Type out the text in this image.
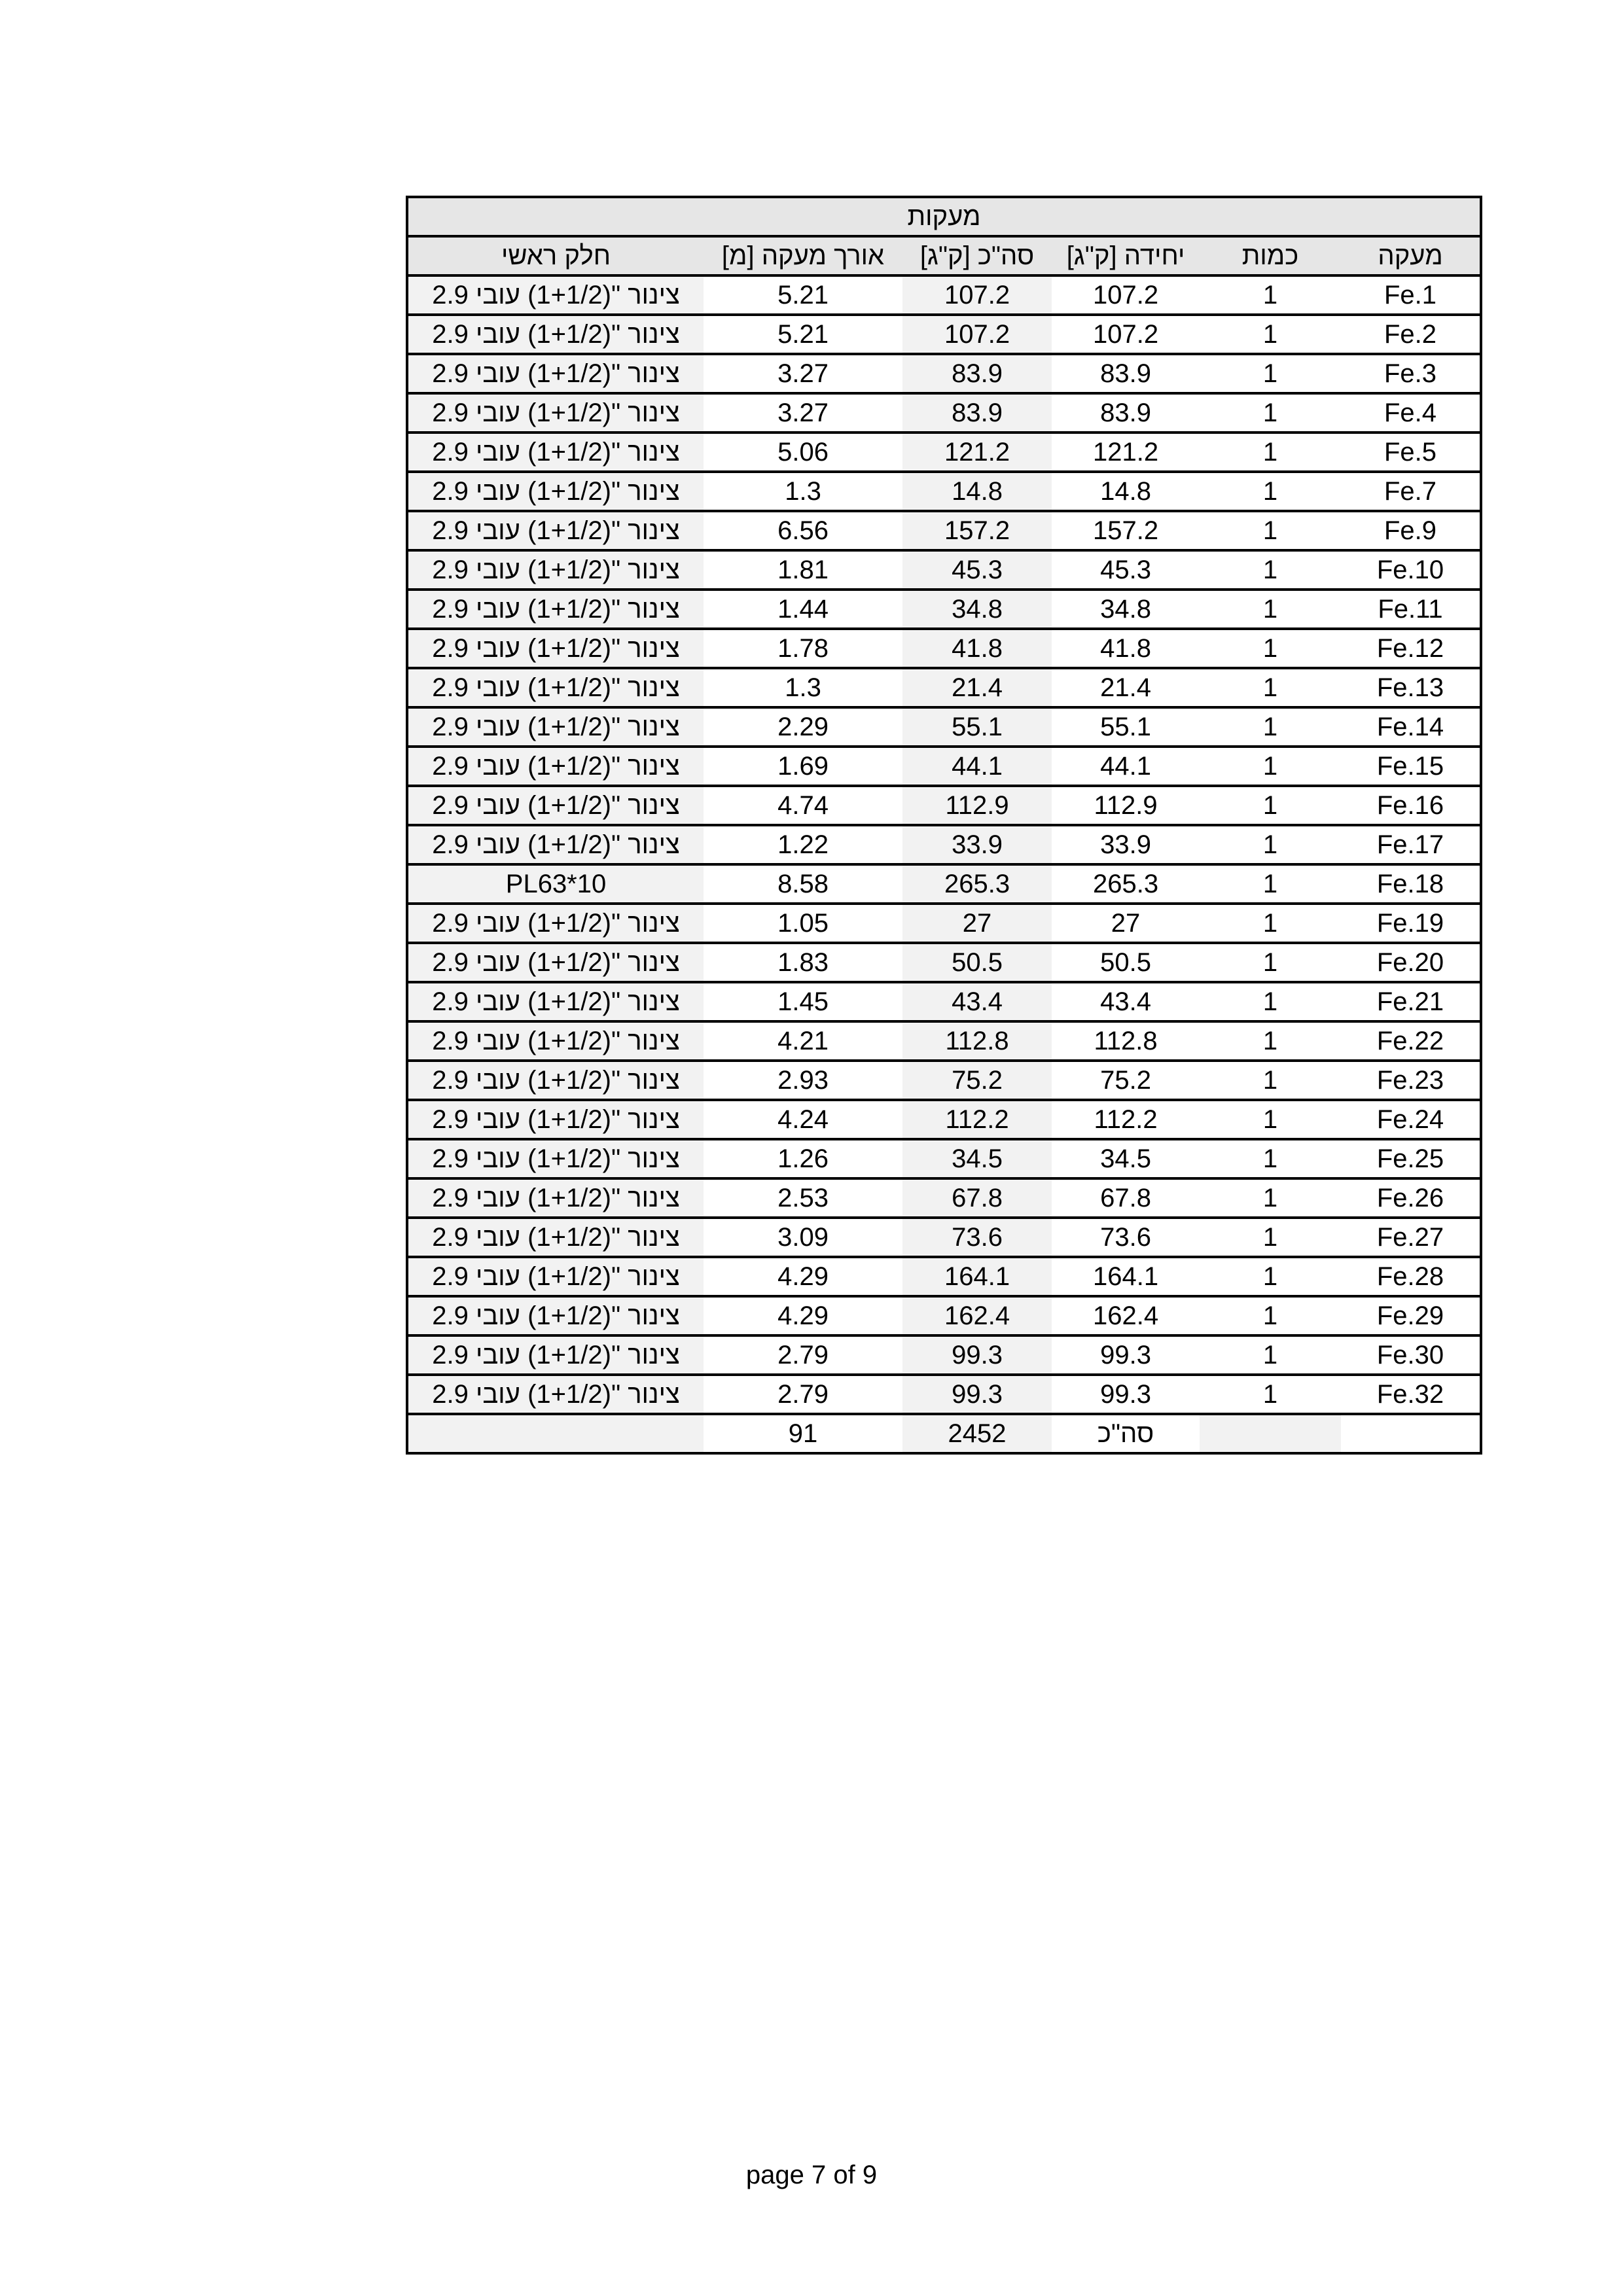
מעקות					
מעקה	כמות	יחידה [ק"ג]	סה"כ [ק"ג]	אורך מעקה [מ]	חלק ראשי
Fe.1	1	107.2	107.2	5.21	צינור "(1+1/2) עובי 2.9
Fe.2	1	107.2	107.2	5.21	צינור "(1+1/2) עובי 2.9
Fe.3	1	83.9	83.9	3.27	צינור "(1+1/2) עובי 2.9
Fe.4	1	83.9	83.9	3.27	צינור "(1+1/2) עובי 2.9
Fe.5	1	121.2	121.2	5.06	צינור "(1+1/2) עובי 2.9
Fe.7	1	14.8	14.8	1.3	צינור "(1+1/2) עובי 2.9
Fe.9	1	157.2	157.2	6.56	צינור "(1+1/2) עובי 2.9
Fe.10	1	45.3	45.3	1.81	צינור "(1+1/2) עובי 2.9
Fe.11	1	34.8	34.8	1.44	צינור "(1+1/2) עובי 2.9
Fe.12	1	41.8	41.8	1.78	צינור "(1+1/2) עובי 2.9
Fe.13	1	21.4	21.4	1.3	צינור "(1+1/2) עובי 2.9
Fe.14	1	55.1	55.1	2.29	צינור "(1+1/2) עובי 2.9
Fe.15	1	44.1	44.1	1.69	צינור "(1+1/2) עובי 2.9
Fe.16	1	112.9	112.9	4.74	צינור "(1+1/2) עובי 2.9
Fe.17	1	33.9	33.9	1.22	צינור "(1+1/2) עובי 2.9
Fe.18	1	265.3	265.3	8.58	PL63*10
Fe.19	1	27	27	1.05	צינור "(1+1/2) עובי 2.9
Fe.20	1	50.5	50.5	1.83	צינור "(1+1/2) עובי 2.9
Fe.21	1	43.4	43.4	1.45	צינור "(1+1/2) עובי 2.9
Fe.22	1	112.8	112.8	4.21	צינור "(1+1/2) עובי 2.9
Fe.23	1	75.2	75.2	2.93	צינור "(1+1/2) עובי 2.9
Fe.24	1	112.2	112.2	4.24	צינור "(1+1/2) עובי 2.9
Fe.25	1	34.5	34.5	1.26	צינור "(1+1/2) עובי 2.9
Fe.26	1	67.8	67.8	2.53	צינור "(1+1/2) עובי 2.9
Fe.27	1	73.6	73.6	3.09	צינור "(1+1/2) עובי 2.9
Fe.28	1	164.1	164.1	4.29	צינור "(1+1/2) עובי 2.9
Fe.29	1	162.4	162.4	4.29	צינור "(1+1/2) עובי 2.9
Fe.30	1	99.3	99.3	2.79	צינור "(1+1/2) עובי 2.9
Fe.32	1	99.3	99.3	2.79	צינור "(1+1/2) עובי 2.9
		סה"כ	2452	91	
page 7 of 9
